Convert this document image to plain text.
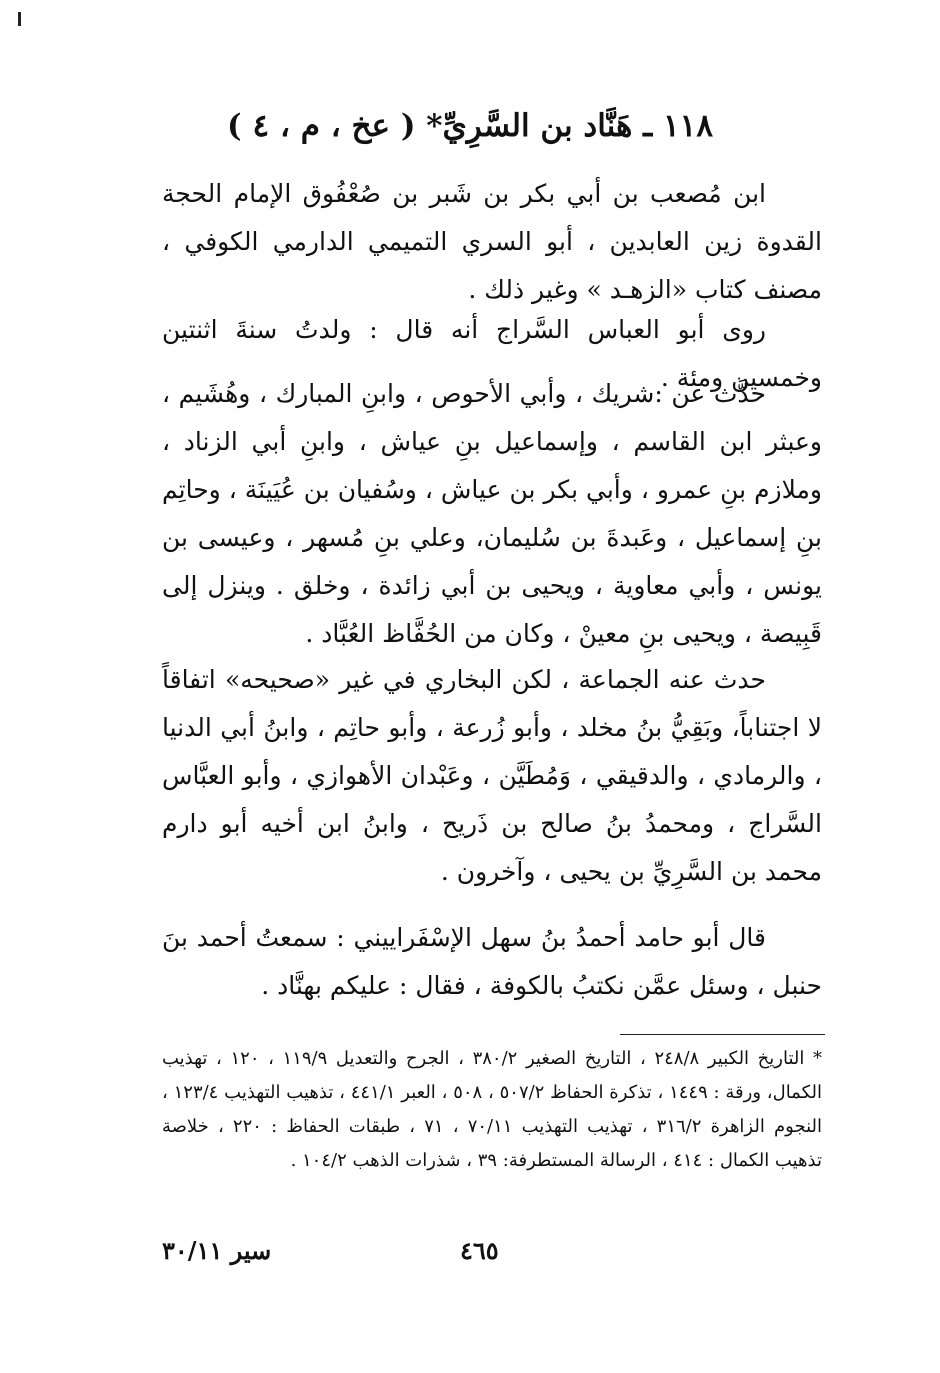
١١٨ ـ هَنَّاد بن السَّرِيِّ* ( عخ ، م ، ٤ )

ابن مُصعب بن أبي بكر بن شَبر بن صُعْفُوق الإمام الحجة القدوة زين العابدين ، أبو السري التميمي الدارمي الكوفي ، مصنف كتاب «الزهـد » وغير ذلك .

روى أبو العباس السَّراج أنه قال : ولدتُ سنةَ اثنتين وخمسين ومئة .

حدَّث عن :شريك ، وأبي الأحوص ، وابنِ المبارك ، وهُشَيم ، وعبثر ابن القاسم ، وإسماعيل بنِ عياش ، وابنِ أبي الزناد ، وملازم بنِ عمرو ، وأبي بكر بن عياش ، وسُفيان بن عُيَينَة ، وحاتِم بنِ إسماعيل ، وعَبدةَ بن سُليمان، وعلي بنِ مُسهر ، وعيسى بن يونس ، وأبي معاوية ، ويحيى بن أبي زائدة ، وخلق . وينزل إلى قَبِيصة ، ويحيى بنِ معينْ ، وكان من الحُفَّاظ العُبَّاد .

حدث عنه الجماعة ، لكن البخاري في غير «صحيحه» اتفاقاً لا اجتناباً، وبَقِيُّ بنُ مخلد ، وأبو زُرعة ، وأبو حاتِم ، وابنُ أبي الدنيا ، والرمادي ، والدقيقي ، وَمُطَيَّن ، وعَبْدان الأهوازي ، وأبو العبَّاس السَّراج ، ومحمدُ بنُ صالح بن ذَريح ، وابنُ ابن أخيه أبو دارم محمد بن السَّرِيِّ بن يحيى ، وآخرون .

قال أبو حامد أحمدُ بنُ سهل الإسْفَراييني : سمعتُ أحمد بنَ حنبل ، وسئل عمَّن نكتبُ بالكوفة ، فقال : عليكم بهنَّاد .

* التاريخ الكبير ٢٤٨/٨ ، التاريخ الصغير ٣٨٠/٢ ، الجرح والتعديل ١١٩/٩ ، ١٢٠ ، تهذيب الكمال، ورقة : ١٤٤٩ ، تذكرة الحفاظ ٥٠٧/٢ ، ٥٠٨ ، العبر ٤٤١/١ ، تذهيب التهذيب ١٢٣/٤ ، النجوم الزاهرة ٣١٦/٢ ، تهذيب التهذيب ٧٠/١١ ، ٧١ ، طبقات الحفاظ : ٢٢٠ ، خلاصة تذهيب الكمال : ٤١٤ ، الرسالة المستطرفة: ٣٩ ، شذرات الذهب ١٠٤/٢ .

٤٦٥
سير ٣٠/١١
